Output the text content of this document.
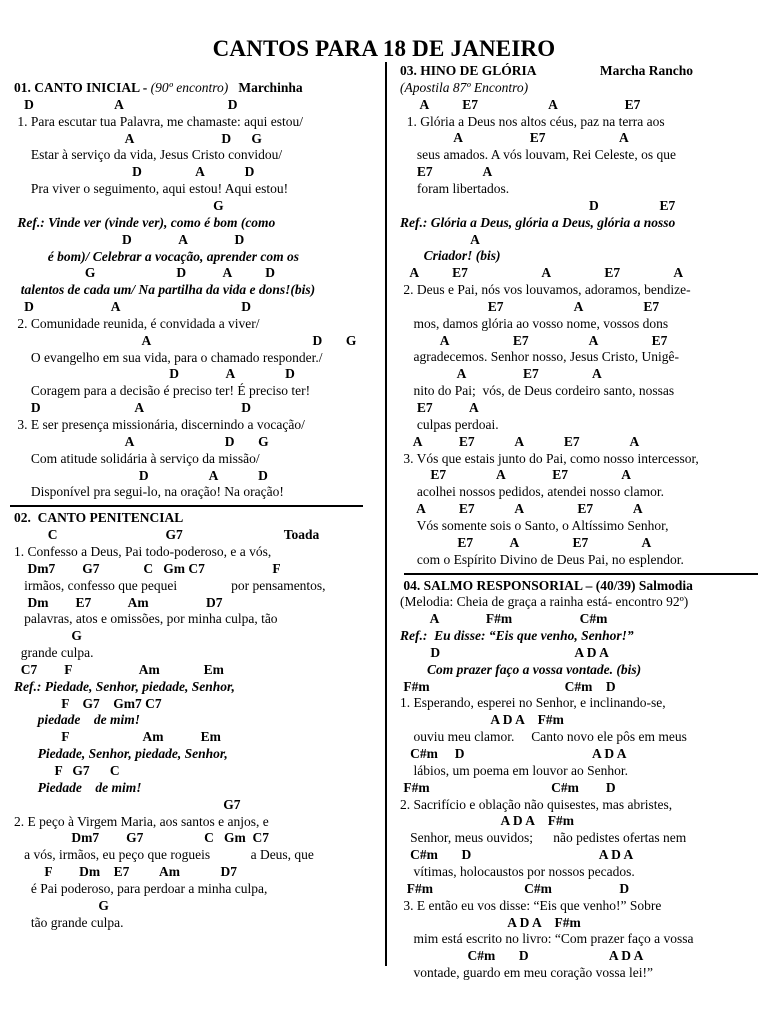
CANTOS PARA 18 DE JANEIRO
01. CANTO INICIAL - (90º encontro)   Marchinha
D                        A                               D
1. Para escutar tua Palavra, me chamaste: aqui estou/
A                          D      G
Estar à serviço da vida, Jesus Cristo convidou/
D                A            D
Pra viver o seguimento, aqui estou! Aqui estou!
G
Ref.: Vinde ver (vinde ver), como é bom (como
D              A              D
é bom)/ Celebrar a vocação, aprender com os
G                        D           A          D
talentos de cada um/ Na partilha da vida e dons!(bis)
D                       A                                    D
2. Comunidade reunida, é convidada a viver/
A                                                D       G
O evangelho em sua vida, para o chamado responder./
D              A               D
Coragem para a decisão é preciso ter! É preciso ter!
D                            A                             D
3. E ser presença missionária, discernindo a vocação/
A                           D       G
Com atitude solidária à serviço da missão/
D                  A            D
Disponível pra segui-lo, na oração! Na oração!
02.  CANTO PENITENCIAL
C                                G7                              Toada
1. Confesso a Deus, Pai todo-poderoso, e a vós,
Dm7        G7             C   Gm C7                    F
irmãos, confesso que pequei                por pensamentos,
Dm        E7           Am                 D7
palavras, atos e omissões, por minha culpa, tão
G
grande culpa.
C7        F                    Am             Em
Ref.: Piedade, Senhor, piedade, Senhor,
F    G7    Gm7 C7
piedade    de mim!
F                      Am           Em
Piedade, Senhor, piedade, Senhor,
F   G7      C
Piedade    de mim!
G7
2. E peço à Virgem Maria, aos santos e anjos, e
Dm7        G7                  C   Gm  C7
a vós, irmãos, eu peço que rogueis            a Deus, que
F        Dm    E7         Am            D7
é Pai poderoso, para perdoar a minha culpa,
G
tão grande culpa.
03. HINO DE GLÓRIA                   Marcha Rancho
(Apostila 87º Encontro)
A          E7                     A                    E7
1. Glória a Deus nos altos céus, paz na terra aos
A                    E7                      A
seus amados. A vós louvam, Rei Celeste, os que
E7               A
foram libertados.
D                  E7
Ref.: Glória a Deus, glória a Deus, glória a nosso
A
Criador! (bis)
A          E7                      A                E7                A
2. Deus e Pai, nós vos louvamos, adoramos, bendize-
E7                     A                  E7
mos, damos glória ao vosso nome, vossos dons
A                   E7                  A                E7
agradecemos. Senhor nosso, Jesus Cristo, Unigê-
A                 E7                A
nito do Pai;  vós, de Deus cordeiro santo, nossas
E7           A
culpas perdoai.
A           E7            A            E7               A
3. Vós que estais junto do Pai, como nosso intercessor,
E7               A              E7                A
acolhei nossos pedidos, atendei nosso clamor.
A          E7            A                E7            A
Vós somente sois o Santo, o Altíssimo Senhor,
E7           A                E7                A
com o Espírito Divino de Deus Pai, no esplendor.
04. SALMO RESPONSORIAL – (40/39) Salmodia
(Melodia: Cheia de graça a rainha está- encontro 92º)
A              F#m                    C#m
Ref.:  Eu disse: “Eis que venho, Senhor!”
D                                        A D A
Com prazer faço a vossa vontade. (bis)
F#m                                        C#m    D
1. Esperando, esperei no Senhor, e inclinando-se,
A D A    F#m
ouviu meu clamor.     Canto novo ele pôs em meus
C#m     D                                      A D A
lábios, um poema em louvor ao Senhor.
F#m                                    C#m        D
2. Sacrifício e oblação não quisestes, mas abristes,
A D A    F#m
Senhor, meus ouvidos;      não pedistes ofertas nem
C#m       D                                      A D A
vítimas, holocaustos por nossos pecados.
F#m                           C#m                    D
3. E então eu vos disse: “Eis que venho!” Sobre
A D A    F#m
mim está escrito no livro: “Com prazer faço a vossa
C#m       D                        A D A
vontade, guardo em meu coração vossa lei!”
